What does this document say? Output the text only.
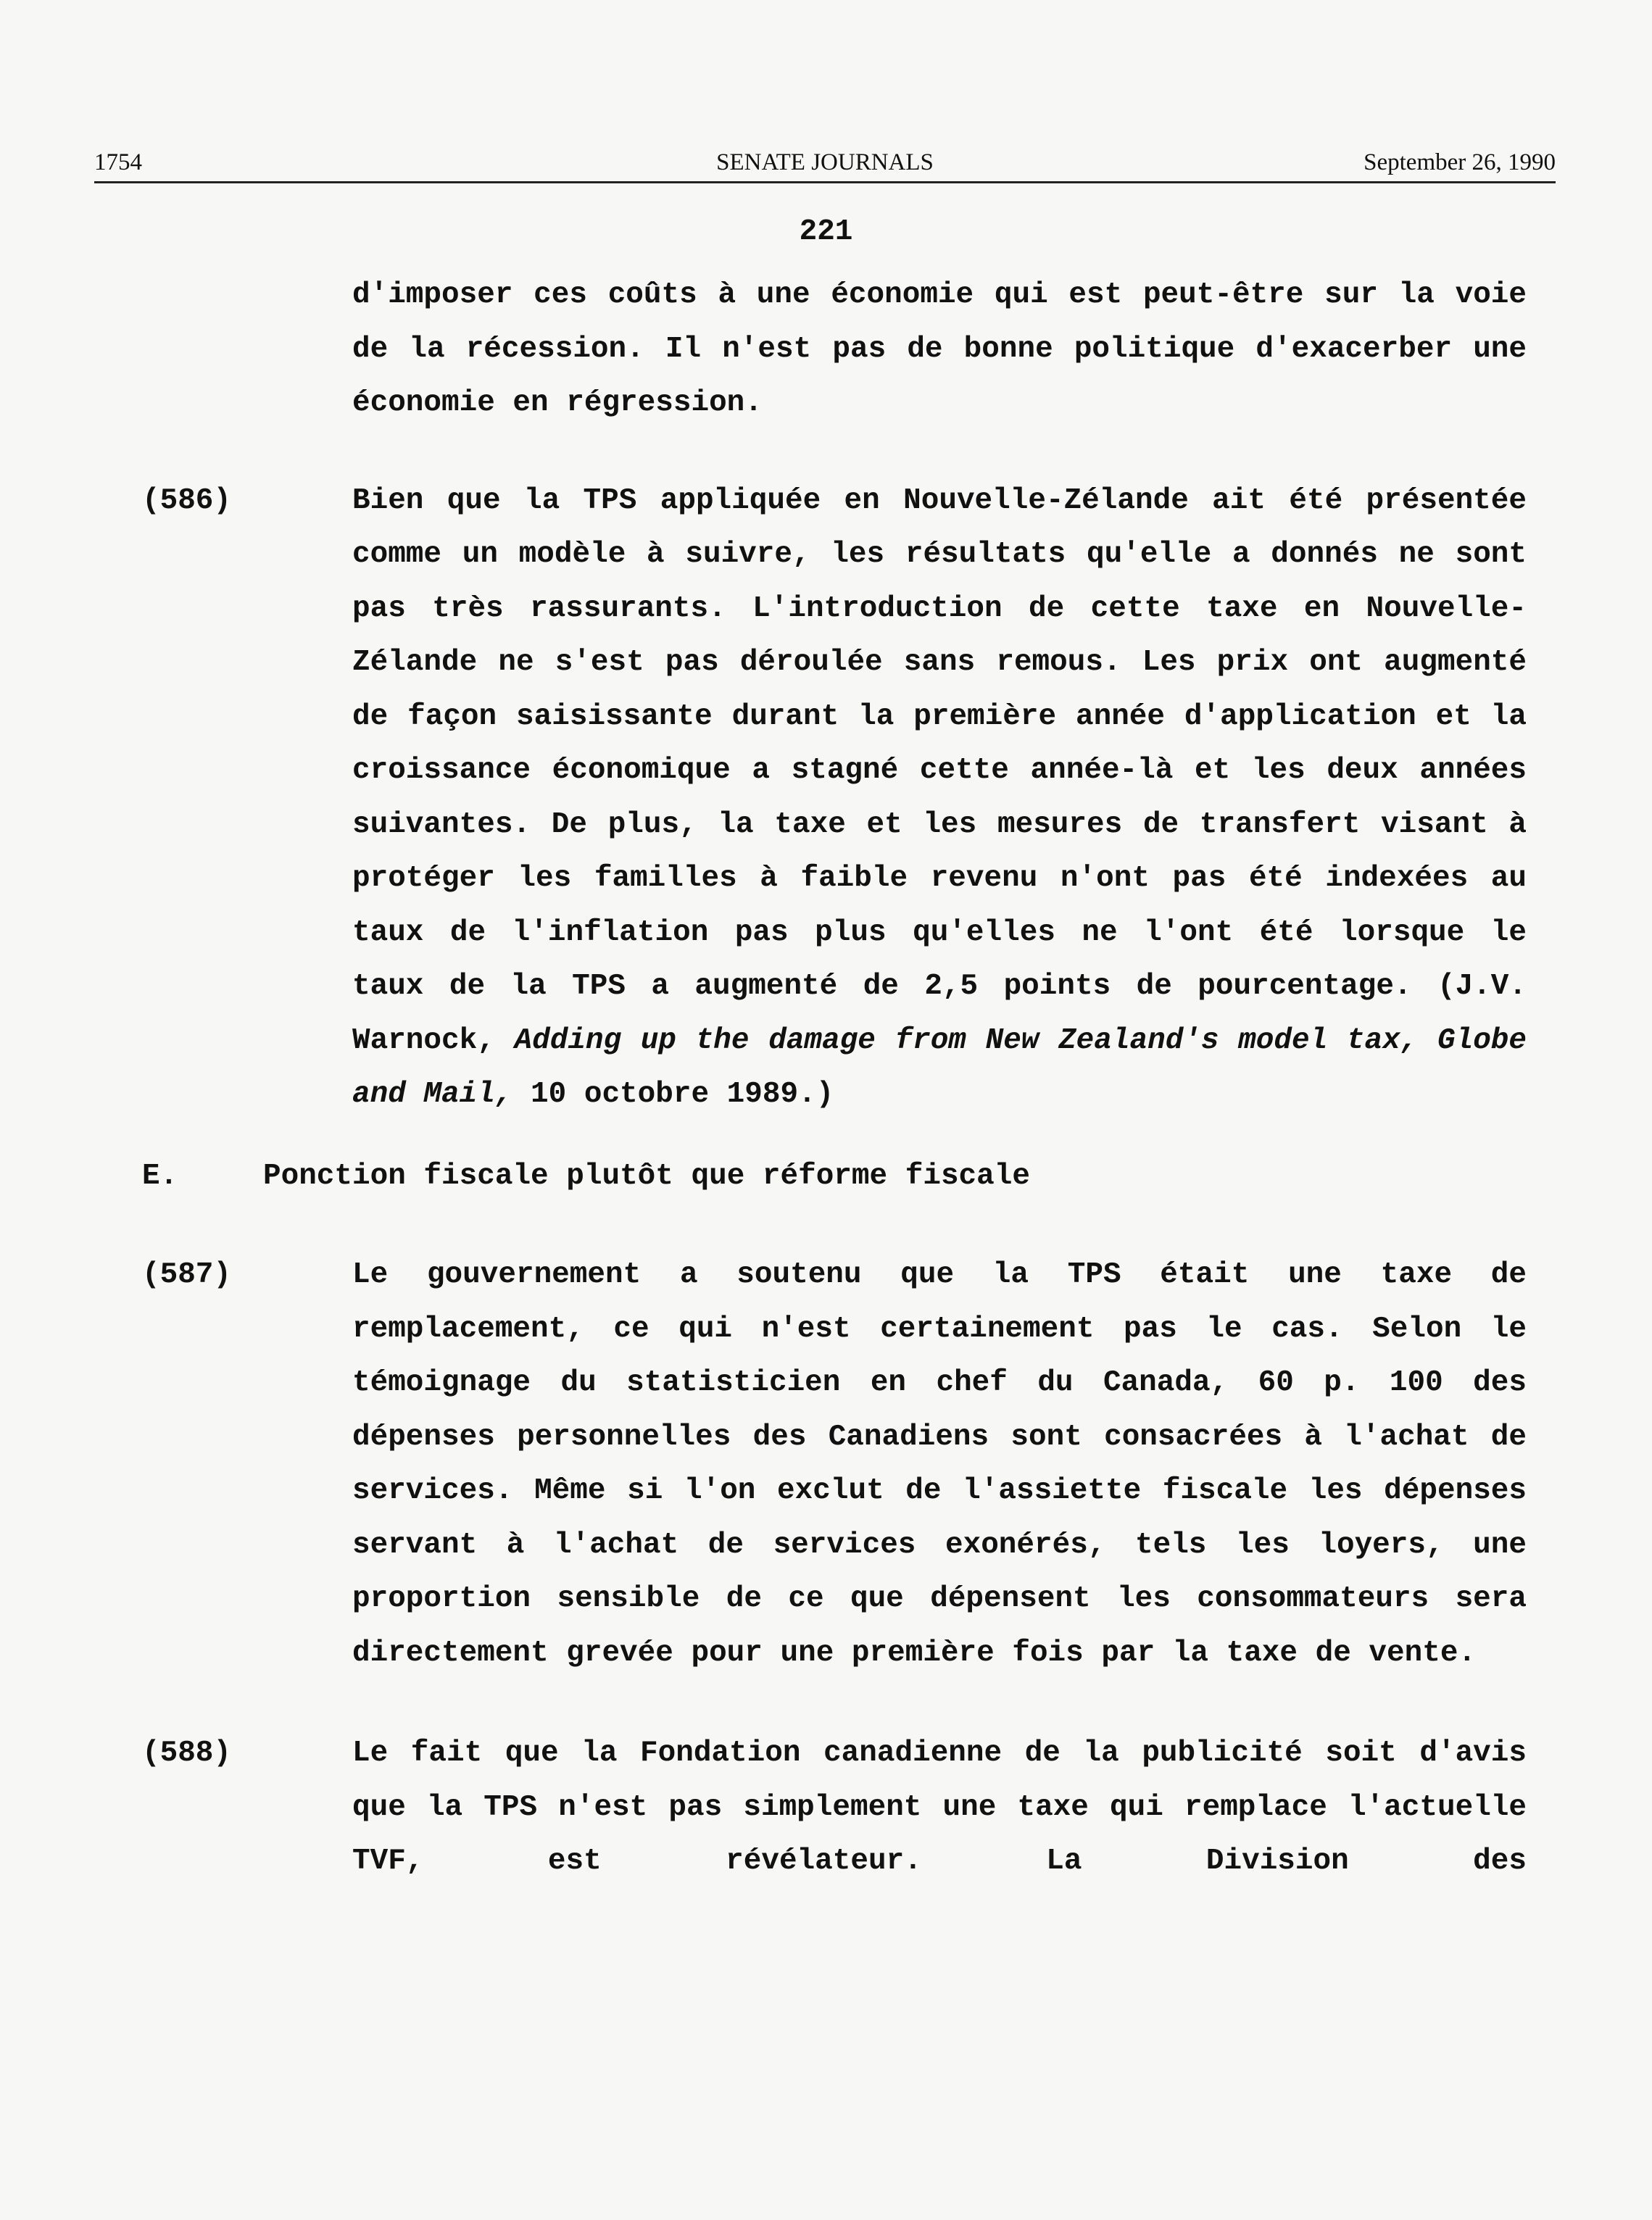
1754	SENATE JOURNALS	September 26, 1990
221
d'imposer ces coûts à une économie qui est peut-être sur la voie de la récession. Il n'est pas de bonne politique d'exacerber une économie en régression.
(586)	Bien que la TPS appliquée en Nouvelle-Zélande ait été présentée comme un modèle à suivre, les résultats qu'elle a donnés ne sont pas très rassurants. L'introduction de cette taxe en Nouvelle-Zélande ne s'est pas déroulée sans remous. Les prix ont augmenté de façon saisissante durant la première année d'application et la croissance économique a stagné cette année-là et les deux années suivantes. De plus, la taxe et les mesures de transfert visant à protéger les familles à faible revenu n'ont pas été indexées au taux de l'inflation pas plus qu'elles ne l'ont été lorsque le taux de la TPS a augmenté de 2,5 points de pourcentage. (J.V. Warnock, Adding up the damage from New Zealand's model tax, Globe and Mail, 10 octobre 1989.)
E.	Ponction fiscale plutôt que réforme fiscale
(587)	Le gouvernement a soutenu que la TPS était une taxe de remplacement, ce qui n'est certainement pas le cas. Selon le témoignage du statisticien en chef du Canada, 60 p. 100 des dépenses personnelles des Canadiens sont consacrées à l'achat de services. Même si l'on exclut de l'assiette fiscale les dépenses servant à l'achat de services exonérés, tels les loyers, une proportion sensible de ce que dépensent les consommateurs sera directement grevée pour une première fois par la taxe de vente.
(588)	Le fait que la Fondation canadienne de la publicité soit d'avis que la TPS n'est pas simplement une taxe qui remplace l'actuelle TVF, est révélateur. La Division des
